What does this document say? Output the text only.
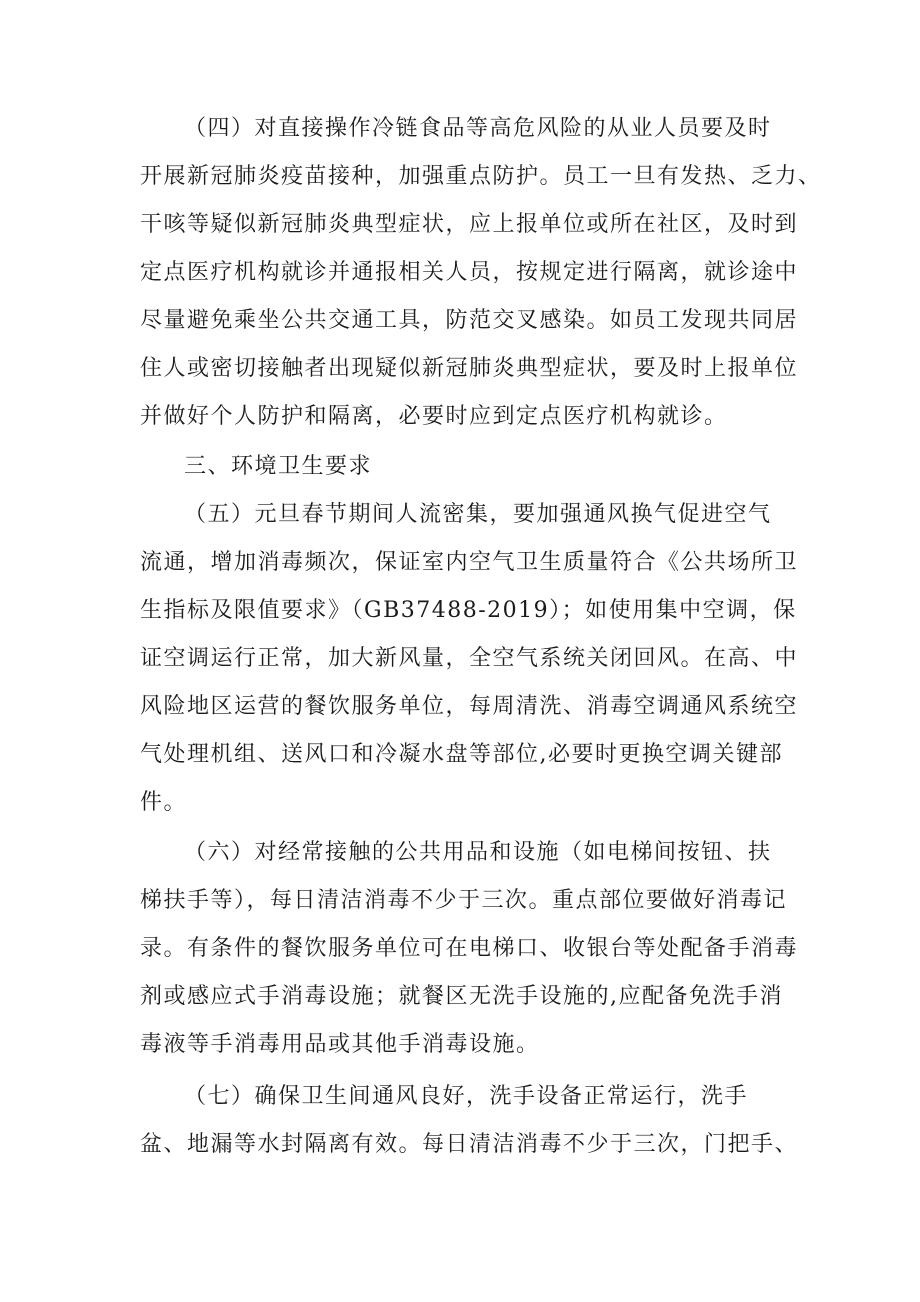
（四）对直接操作冷链食品等高危风险的从业人员要及时
开展新冠肺炎疫苗接种，加强重点防护。员工一旦有发热、乏力、
干咳等疑似新冠肺炎典型症状，应上报单位或所在社区，及时到
定点医疗机构就诊并通报相关人员，按规定进行隔离，就诊途中
尽量避免乘坐公共交通工具，防范交叉感染。如员工发现共同居
住人或密切接触者出现疑似新冠肺炎典型症状，要及时上报单位
并做好个人防护和隔离，必要时应到定点医疗机构就诊。
三、环境卫生要求
（五）元旦春节期间人流密集，要加强通风换气促进空气
流通，增加消毒频次，保证室内空气卫生质量符合《公共场所卫
生指标及限值要求》（GB37488-2019）；如使用集中空调，保
证空调运行正常，加大新风量，全空气系统关闭回风。在高、中
风险地区运营的餐饮服务单位，每周清洗、消毒空调通风系统空
气处理机组、送风口和冷凝水盘等部位,必要时更换空调关键部
件。
（六）对经常接触的公共用品和设施（如电梯间按钮、扶
梯扶手等），每日清洁消毒不少于三次。重点部位要做好消毒记
录。有条件的餐饮服务单位可在电梯口、收银台等处配备手消毒
剂或感应式手消毒设施；就餐区无洗手设施的,应配备免洗手消
毒液等手消毒用品或其他手消毒设施。
（七）确保卫生间通风良好，洗手设备正常运行，洗手
盆、地漏等水封隔离有效。每日清洁消毒不少于三次，门把手、
